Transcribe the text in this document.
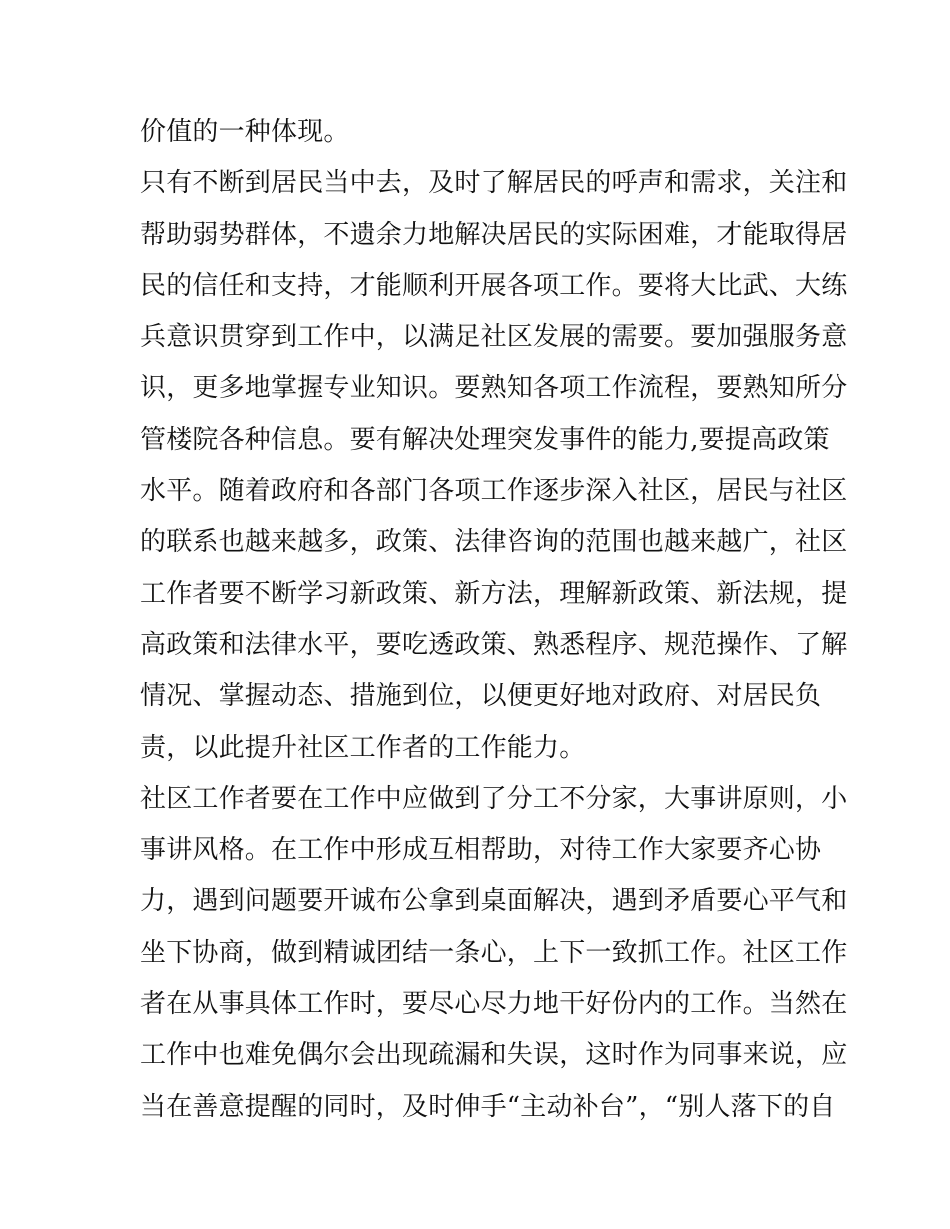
价值的一种体现。
只有不断到居民当中去，及时了解居民的呼声和需求，关注和
帮助弱势群体，不遗余力地解决居民的实际困难，才能取得居
民的信任和支持，才能顺利开展各项工作。要将大比武、大练
兵意识贯穿到工作中，以满足社区发展的需要。要加强服务意
识，更多地掌握专业知识。要熟知各项工作流程，要熟知所分
管楼院各种信息。要有解决处理突发事件的能力,要提高政策
水平。随着政府和各部门各项工作逐步深入社区，居民与社区
的联系也越来越多，政策、法律咨询的范围也越来越广，社区
工作者要不断学习新政策、新方法，理解新政策、新法规，提
高政策和法律水平，要吃透政策、熟悉程序、规范操作、了解
情况、掌握动态、措施到位，以便更好地对政府、对居民负
责，以此提升社区工作者的工作能力。
社区工作者要在工作中应做到了分工不分家，大事讲原则，小
事讲风格。在工作中形成互相帮助，对待工作大家要齐心协
力，遇到问题要开诚布公拿到桌面解决，遇到矛盾要心平气和
坐下协商，做到精诚团结一条心，上下一致抓工作。社区工作
者在从事具体工作时，要尽心尽力地干好份内的工作。当然在
工作中也难免偶尔会出现疏漏和失误，这时作为同事来说，应
当在善意提醒的同时，及时伸手“主动补台”，“别人落下的自
